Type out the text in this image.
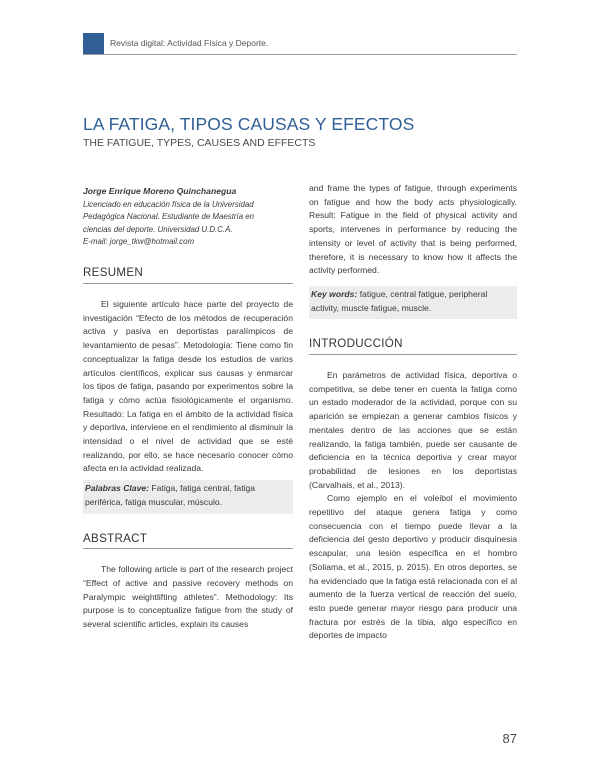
Revista digital: Actividad Física y Deporte.
LA FATIGA, TIPOS CAUSAS Y EFECTOS
THE FATIGUE, TYPES, CAUSES AND EFFECTS
Jorge Enrique Moreno Quinchanegua
Licenciado en educación física de la Universidad
Pedagógica Nacional. Estudiante de Maestría en
ciencias del deporte. Universidad U.D.C.A.
E-mail: jorge_tkw@hotmail.com
RESUMEN

El siguiente artículo hace parte del proyecto de investigación “Efecto de los métodos de recuperación activa y pasiva en deportistas paralímpicos de levantamiento de pesas”. Metodología: Tiene como fin conceptualizar la fatiga desde los estudios de varios artículos científicos, explicar sus causas y enmarcar los tipos de fatiga, pasando por experimentos sobre la fatiga y cómo actúa fisiológicamente el organismo. Resultado: La fatiga en el ámbito de la actividad física y deportiva, interviene en el rendimiento al disminuir la intensidad o el nivel de actividad que se esté realizando, por ello, se hace necesario conocer cómo afecta en la actividad realizada.

Palabras Clave: Fatiga, fatiga central, fatiga periférica, fatiga muscular, músculo.
ABSTRACT

The following article is part of the research project “Effect of active and passive recovery methods on Paralympic weightlifting athletes”. Methodology: Its purpose is to conceptualize fatigue from the study of several scientific articles, explain its causes

and frame the types of fatigue, through experiments on fatigue and how the body acts physiologically. Result: Fatigue in the field of physical activity and sports, intervenes in performance by reducing the intensity or level of activity that is being performed, therefore, it is necessary to know how it affects the activity performed.

Key words: fatigue, central fatigue, peripheral activity, muscle fatigue, muscle.
INTRODUCCIÓN

En parámetros de actividad física, deportiva o competitiva, se debe tener en cuenta la fatiga como un estado moderador de la actividad, porque con su aparición se empiezan a generar cambios físicos y mentales dentro de las acciones que se están realizando, la fatiga también, puede ser causante de deficiencia en la técnica deportiva y crear mayor probabilidad de lesiones en los deportistas (Carvalhais, et al., 2013).

Como ejemplo en el voleibol el movimiento repetitivo del ataque genera fatiga y como consecuencia con el tiempo puede llevar a la deficiencia del gesto deportivo y producir disquinesia escapular, una lesión específica en el hombro (Soliama, et al., 2015, p. 2015). En otros deportes, se ha evidenciado que la fatiga está relacionada con el al aumento de la fuerza vertical de reacción del suelo, esto puede generar mayor riesgo para producir una fractura por estrés de la tibia, algo específico en deportes de impacto

87
